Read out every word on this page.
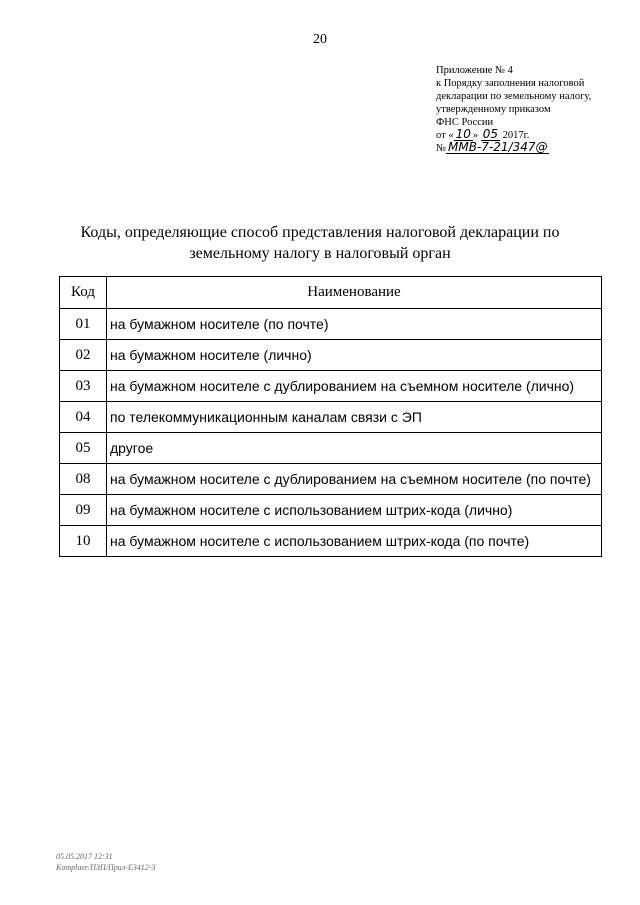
20
Приложение № 4
к Порядку заполнения налоговой
декларации по земельному налогу,
утвержденному приказом
ФНС России
от « 10 » 05 2017г.
№ ММВ-7-21/347@
Коды, определяющие способ представления налоговой декларации по
земельному налогу в налоговый орган
Код	Наименование
01	на бумажном носителе (по почте)
02	на бумажном носителе (лично)
03	на бумажном носителе с дублированием на съемном носителе (лично)
04	по телекоммуникационным каналам связи с ЭП
05	другое
08	на бумажном носителе с дублированием на съемном носителе (по почте)
09	на бумажном носителе с использованием штрих-кода (лично)
10	на бумажном носителе с использованием штрих-кода (по почте)
05.05.2017 12:31
Kompluer/ПЗП/Прил-Е3412-3
